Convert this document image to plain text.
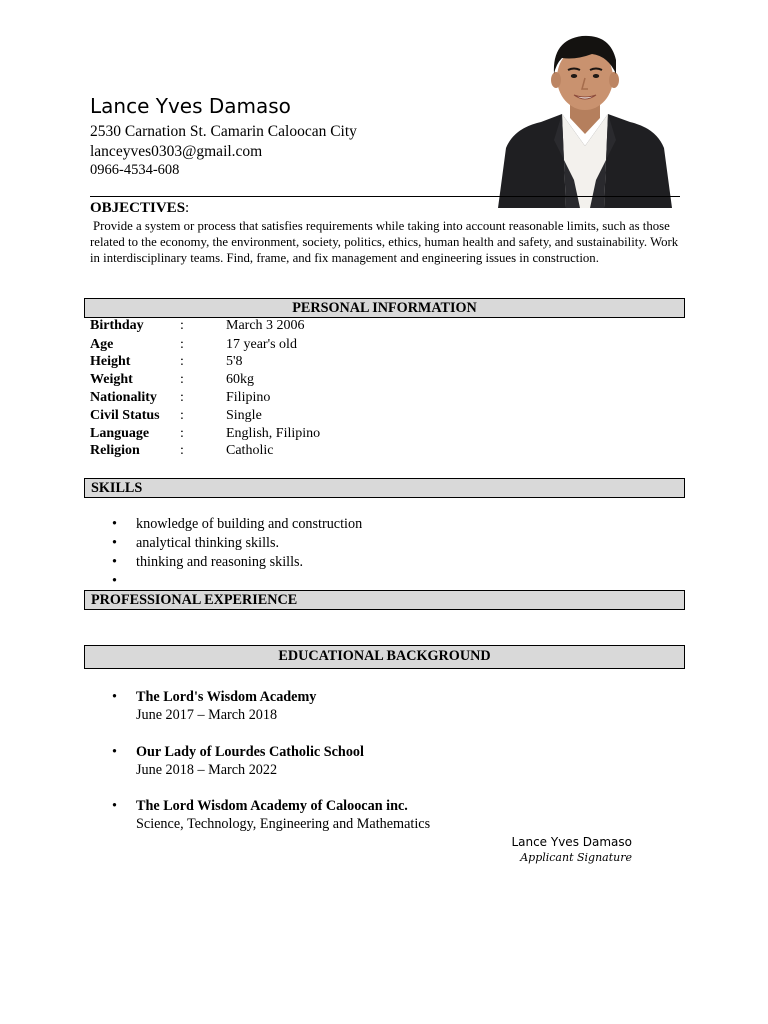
Lance Yves Damaso
2530 Carnation St. Camarin Caloocan City
lanceyves0303@gmail.com
0966-4534-608
OBJECTIVES:
Provide a system or process that satisfies requirements while taking into account reasonable limits, such as those related to the economy, the environment, society, politics, ethics, human health and safety, and sustainability. Work in interdisciplinary teams. Find, frame, and fix management and engineering issues in construction.
PERSONAL INFORMATION
Birthday	:	March 3 2006
Age	:	17 year's old
Height	:	5'8
Weight	:	60kg
Nationality :	Filipino
Civil Status :	Single
Language :	English, Filipino
Religion	:	Catholic
SKILLS
• knowledge of building and construction
• analytical thinking skills.
• thinking and reasoning skills.
•
PROFESSIONAL EXPERIENCE
EDUCATIONAL BACKGROUND
• The Lord's Wisdom Academy
June 2017 – March 2018
• Our Lady of Lourdes Catholic School
June 2018 – March 2022
• The Lord Wisdom Academy of Caloocan inc.
Science, Technology, Engineering and Mathematics
Lance Yves Damaso
Applicant Signature
